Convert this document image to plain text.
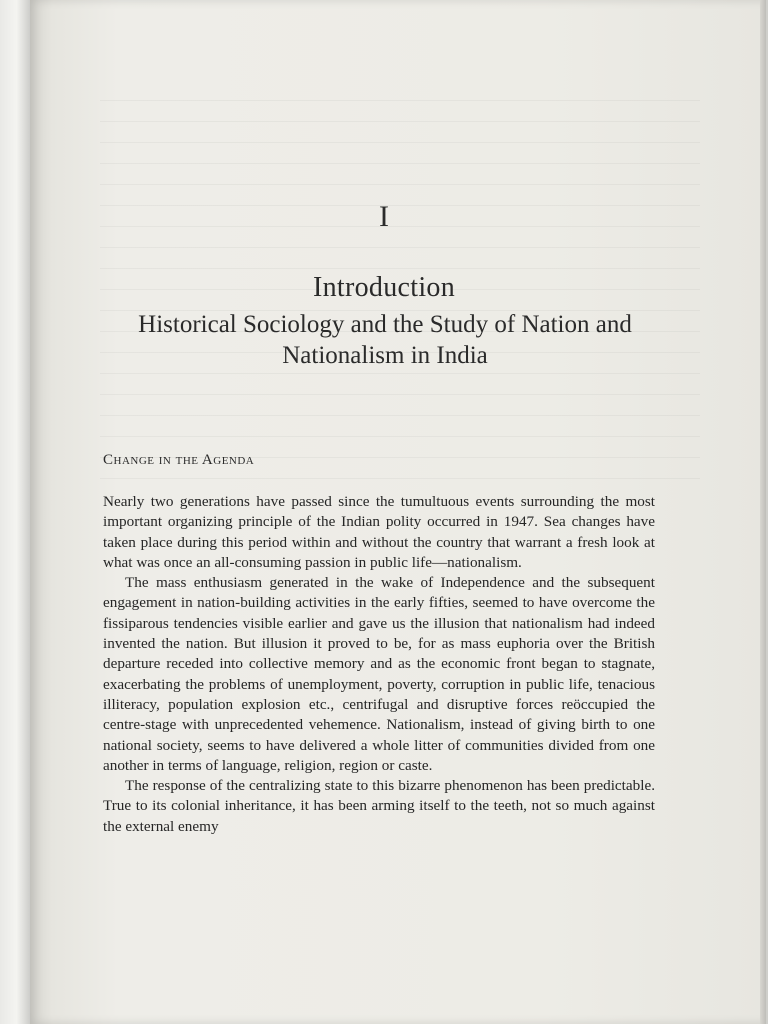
I
Introduction
Historical Sociology and the Study of Nation and Nationalism in India
Change in the Agenda

Nearly two generations have passed since the tumultuous events surrounding the most important organizing principle of the Indian polity occurred in 1947. Sea changes have taken place during this period within and without the country that warrant a fresh look at what was once an all-consuming passion in public life—nationalism.

The mass enthusiasm generated in the wake of Independence and the subsequent engagement in nation-building activities in the early fifties, seemed to have overcome the fissiparous tendencies visible earlier and gave us the illusion that nationalism had indeed invented the nation. But illusion it proved to be, for as mass euphoria over the British departure receded into collective memory and as the economic front began to stagnate, exacerbating the problems of unemployment, poverty, corruption in public life, tenacious illiteracy, population explosion etc., centrifugal and disruptive forces reöccupied the centre-stage with unprecedented vehemence. Nationalism, instead of giving birth to one national society, seems to have delivered a whole litter of communities divided from one another in terms of language, religion, region or caste.

The response of the centralizing state to this bizarre phenomenon has been predictable. True to its colonial inheritance, it has been arming itself to the teeth, not so much against the external enemy
